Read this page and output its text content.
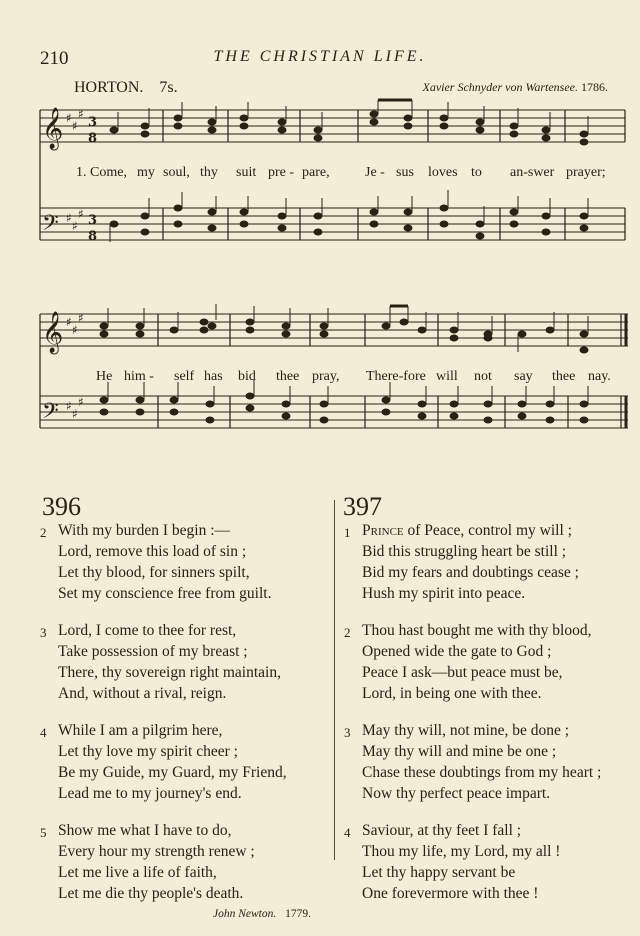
210	THE CHRISTIAN LIFE.
HORTON. 7s.	Xavier Schnyder von Wartensee. 1786.
𝄞
𝄢
♯
♯
♯
♯
♯
♯
3
8
3
8
1. Come, my soul, thy suit pre - pare,	Je - sus loves to an-swer prayer;
𝄞
𝄢
♯
♯
♯
♯
♯
♯
He him - self has bid thee pray, There-fore will not say thee nay.
396
2 With my burden I begin :—
Lord, remove this load of sin ;
Let thy blood, for sinners spilt,
Set my conscience free from guilt.
3 Lord, I come to thee for rest,
Take possession of my breast ;
There, thy sovereign right maintain,
And, without a rival, reign.
4 While I am a pilgrim here,
Let thy love my spirit cheer ;
Be my Guide, my Guard, my Friend,
Lead me to my journey's end.
5 Show me what I have to do,
Every hour my strength renew ;
Let me live a life of faith,
Let me die thy people's death.
John Newton. 1779.
397
1 Prince of Peace, control my will ;
Bid this struggling heart be still ;
Bid my fears and doubtings cease ;
Hush my spirit into peace.
2 Thou hast bought me with thy blood,
Opened wide the gate to God ;
Peace I ask—but peace must be,
Lord, in being one with thee.
3 May thy will, not mine, be done ;
May thy will and mine be one ;
Chase these doubtings from my heart ;
Now thy perfect peace impart.
4 Saviour, at thy feet I fall ;
Thou my life, my Lord, my all !
Let thy happy servant be
One forevermore with thee !
